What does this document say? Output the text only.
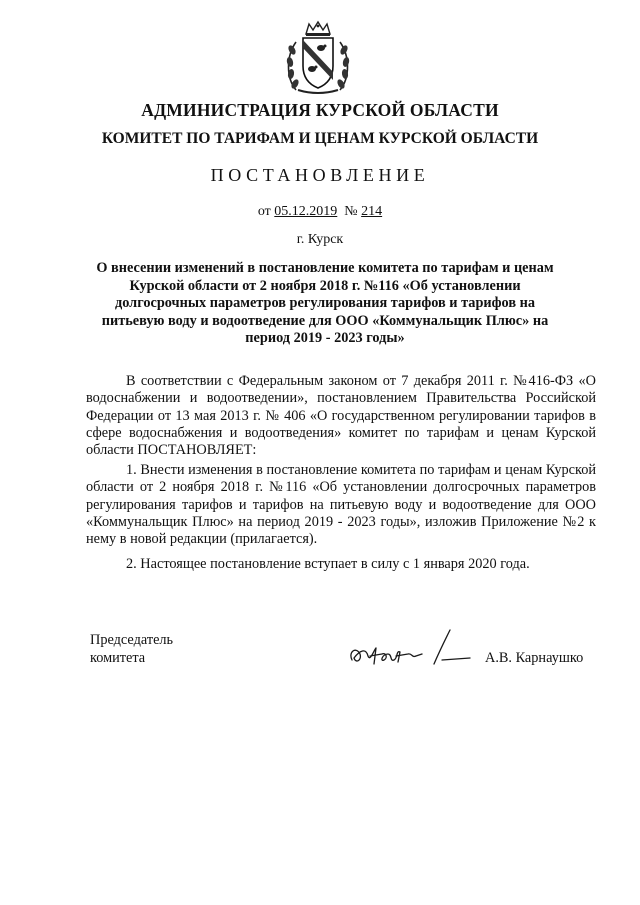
АДМИНИСТРАЦИЯ КУРСКОЙ ОБЛАСТИ
КОМИТЕТ ПО ТАРИФАМ И ЦЕНАМ КУРСКОЙ ОБЛАСТИ
ПОСТАНОВЛЕНИЕ
от 05.12.2019 № 214
г. Курск
О внесении изменений в постановление комитета по тарифам и ценам Курской области от 2 ноября 2018 г. №116 «Об установлении долгосрочных параметров регулирования тарифов и тарифов на питьевую воду и водоотведение для ООО «Коммунальщик Плюс» на период 2019 - 2023 годы»
В соответствии с Федеральным законом от 7 декабря 2011 г. №416-ФЗ «О водоснабжении и водоотведении», постановлением Правительства Российской Федерации от 13 мая 2013 г. № 406 «О государственном регулировании тарифов в сфере водоснабжения и водоотведения» комитет по тарифам и ценам Курской области ПОСТАНОВЛЯЕТ:
1. Внести изменения в постановление комитета по тарифам и ценам Курской области от 2 ноября 2018 г. №116 «Об установлении долгосрочных параметров регулирования тарифов и тарифов на питьевую воду и водоотведение для ООО «Коммунальщик Плюс» на период 2019 - 2023 годы», изложив Приложение №2 к нему в новой редакции (прилагается).
2. Настоящее постановление вступает в силу с 1 января 2020 года.
Председатель
комитета	А.В. Карнаушко
